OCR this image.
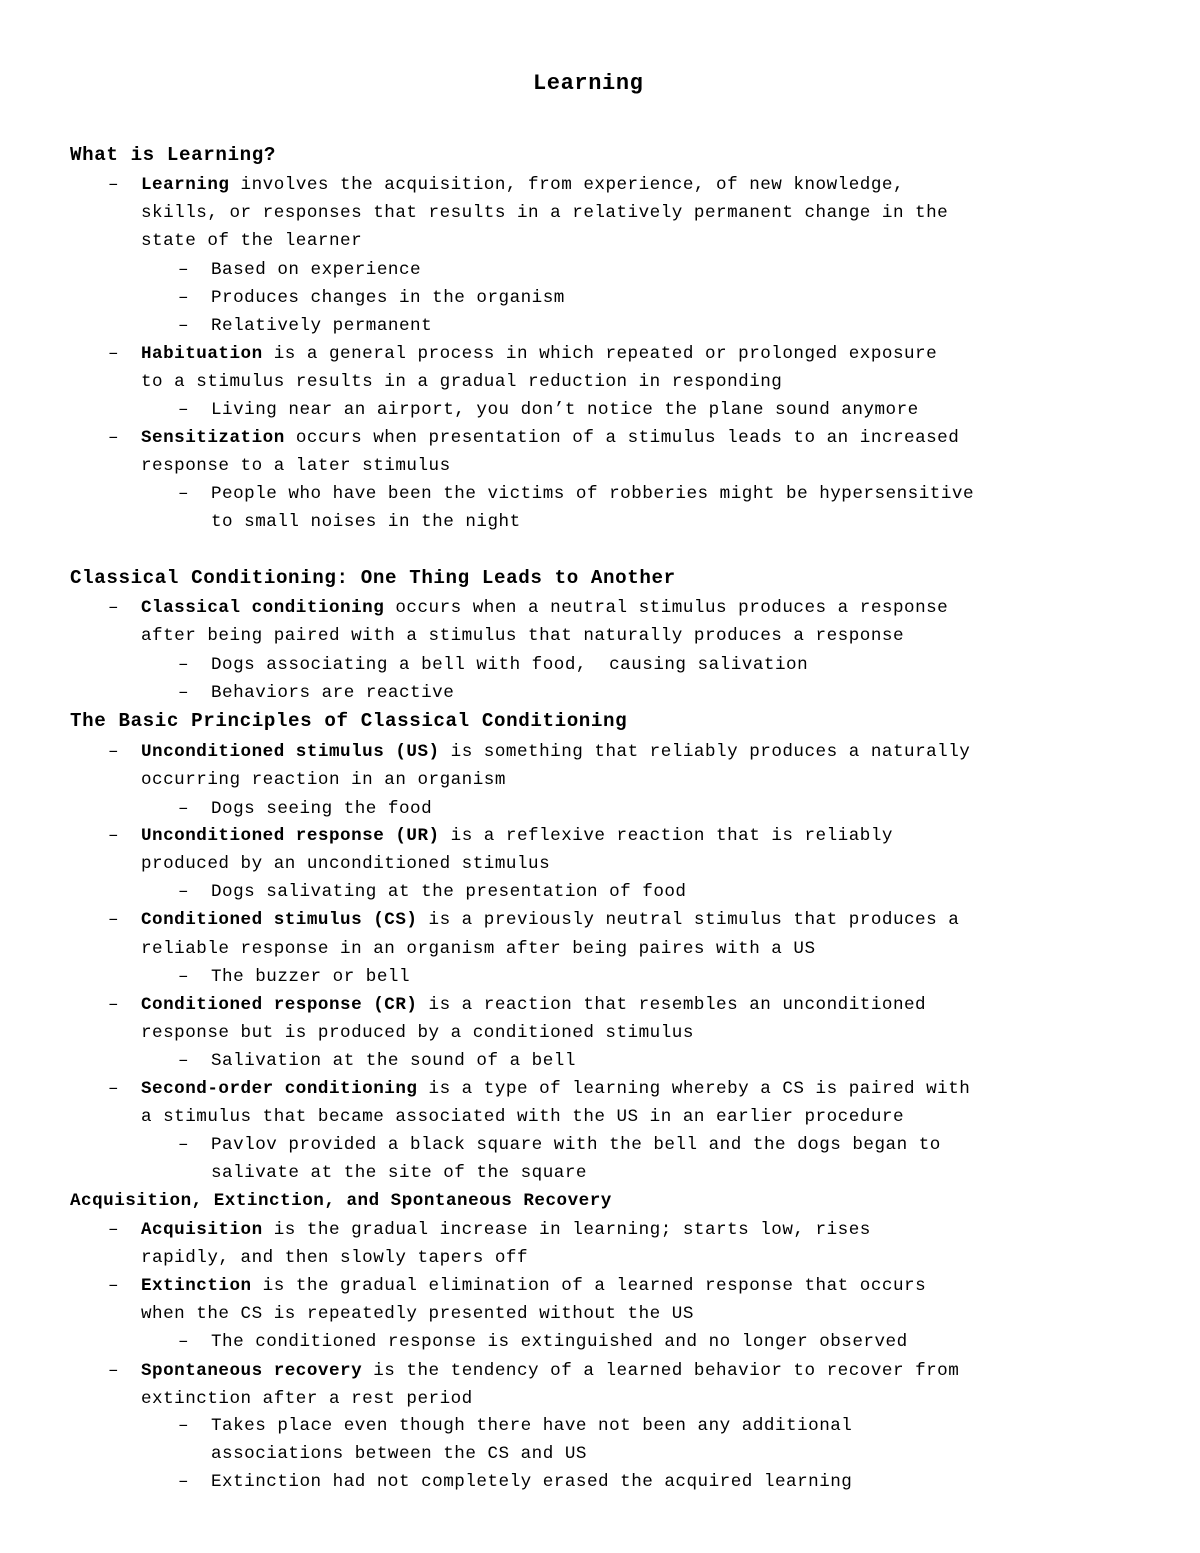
Learning
What is Learning?
– Learning involves the acquisition, from experience, of new knowledge,
skills, or responses that results in a relatively permanent change in the
state of the learner
– Based on experience
– Produces changes in the organism
– Relatively permanent
– Habituation is a general process in which repeated or prolonged exposure
to a stimulus results in a gradual reduction in responding
– Living near an airport, you don’t notice the plane sound anymore
– Sensitization occurs when presentation of a stimulus leads to an increased
response to a later stimulus
– People who have been the victims of robberies might be hypersensitive
to small noises in the night
Classical Conditioning: One Thing Leads to Another
– Classical conditioning occurs when a neutral stimulus produces a response
after being paired with a stimulus that naturally produces a response
– Dogs associating a bell with food,  causing salivation
– Behaviors are reactive
The Basic Principles of Classical Conditioning
– Unconditioned stimulus (US) is something that reliably produces a naturally
occurring reaction in an organism
– Dogs seeing the food
– Unconditioned response (UR) is a reflexive reaction that is reliably
produced by an unconditioned stimulus
– Dogs salivating at the presentation of food
– Conditioned stimulus (CS) is a previously neutral stimulus that produces a
reliable response in an organism after being paires with a US
– The buzzer or bell
– Conditioned response (CR) is a reaction that resembles an unconditioned
response but is produced by a conditioned stimulus
– Salivation at the sound of a bell
– Second-order conditioning is a type of learning whereby a CS is paired with
a stimulus that became associated with the US in an earlier procedure
– Pavlov provided a black square with the bell and the dogs began to
salivate at the site of the square
Acquisition, Extinction, and Spontaneous Recovery
– Acquisition is the gradual increase in learning; starts low, rises
rapidly, and then slowly tapers off
– Extinction is the gradual elimination of a learned response that occurs
when the CS is repeatedly presented without the US
– The conditioned response is extinguished and no longer observed
– Spontaneous recovery is the tendency of a learned behavior to recover from
extinction after a rest period
– Takes place even though there have not been any additional
associations between the CS and US
– Extinction had not completely erased the acquired learning
